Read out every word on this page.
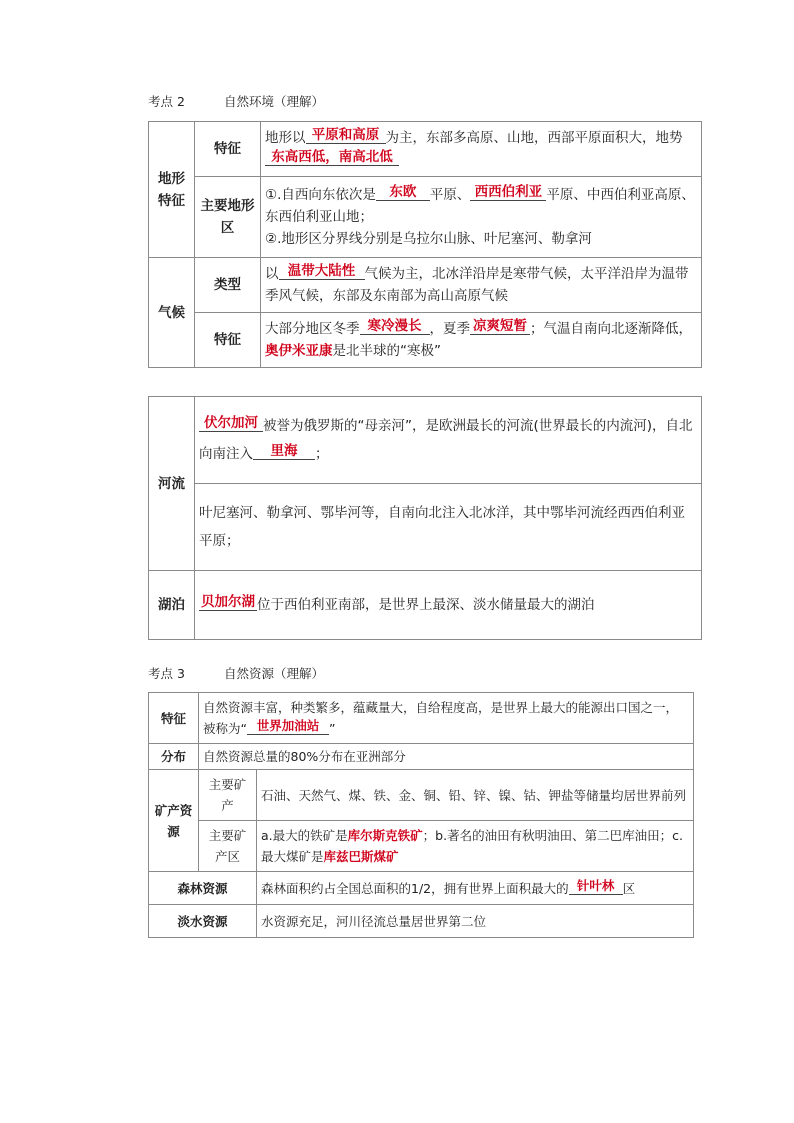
考点 2	自然环境（理解）
地形特征	特征	地形以 平原和高原 为主，东部多高原、山地，西部平原面积大，地势东高西低，南高北低
	主要地形区	①.自西向东依次是 东欧 平原、 西西伯利亚 平原、中西伯利亚高原、东西伯利亚山地；
②.地形区分界线分别是乌拉尔山脉、叶尼塞河、勒拿河
气候	类型	以 温带大陆性 气候为主，北冰洋沿岸是寒带气候，太平洋沿岸为温带季风气候，东部及东南部为高山高原气候
	特征	大部分地区冬季 寒冷漫长 ，夏季 凉爽短暂 ；气温自南向北逐渐降低，奥伊米亚康是北半球的“寒极”
河流	伏尔加河 被誉为俄罗斯的“母亲河”，是欧洲最长的河流(世界最长的内流河)，自北向南注入 里海 ；
	叶尼塞河、勒拿河、鄂毕河等，自南向北注入北冰洋，其中鄂毕河流经西西伯利亚平原；
湖泊	贝加尔湖 位于西伯利亚南部，是世界上最深、淡水储量最大的湖泊
考点 3	自然资源（理解）
特征	自然资源丰富，种类繁多，蕴藏量大，自给程度高，是世界上最大的能源出口国之一，被称为“ 世界加油站 ”	
分布	自然资源总量的80%分布在亚洲部分	
矿产资源	主要矿产	石油、天然气、煤、铁、金、铜、铅、锌、镍、钴、钾盐等储量均居世界前列
	主要矿产区	a.最大的铁矿是库尔斯克铁矿；b.著名的油田有秋明油田、第二巴库油田；c.最大煤矿是库兹巴斯煤矿
森林资源		森林面积约占全国总面积的1/2，拥有世界上面积最大的 针叶林 区
淡水资源		水资源充足，河川径流总量居世界第二位
